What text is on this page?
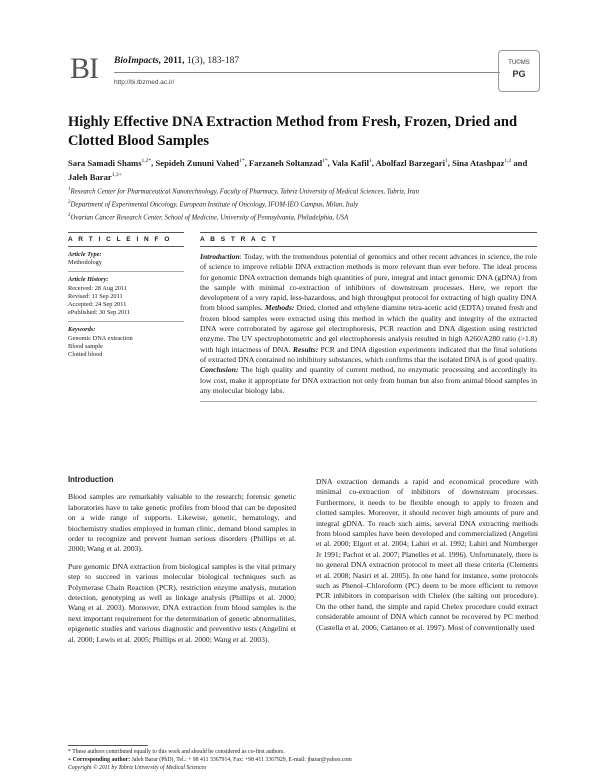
BI BioImpacts, 2011, 1(3), 183-187
http://bi.tbzmed.ac.ir/
TU©MS
PG
Highly Effective DNA Extraction Method from Fresh, Frozen, Dried and Clotted Blood Samples
Sara Samadi Shams$^{1,2*}$, Sepideh Zununi Vahed$^{1*}$, Farzaneh Soltanzad$^{1*}$, Vala Kafil$^1$, Abolfazl Barzegari$^1$, Sina Atashpaz$^{1,2}$ and Jaleh Barar$^{1,3+}$
$^1$Research Center for Pharmaceutical Nanotechnology, Faculty of Pharmacy, Tabriz University of Medical Sciences, Tabriz, Iran
$^2$Department of Experimental Oncology, European Institute of Oncology, IFOM-IEO Campus, Milan, Italy
$^3$Ovarian Cancer Research Center, School of Medicine, University of Pennsylvania, Philadelphia, USA
A R T I C L E I N F O
Article Type:
Methodology
Article History:
Received: 28 Aug 2011
Revised: 11 Sep 2011
Accepted: 24 Sep 2011
ePublished: 30 Sep 2011
Keywords:
Genomic DNA extraction
Blood sample
Clotted blood
A B S T R A C T
Introduction: Today, with the tremendous potential of genomics and other recent advances in science, the role of science to improve reliable DNA extraction methods is more relevant than ever before. The ideal process for genomic DNA extraction demands high quantities of pure, integral and intact genomic DNA (gDNA) from the sample with minimal co-extraction of inhibitors of downstream processes. Here, we report the development of a very rapid, less-hazardous, and high throughput protocol for extracting of high quality DNA from blood samples. Methods: Dried, clotted and ethylene diamine tetra-acetic acid (EDTA) treated fresh and frozen blood samples were extracted using this method in which the quality and integrity of the extracted DNA were corroborated by agarose gel electrophoresis, PCR reaction and DNA digestion using restricted enzyme. The UV spectrophotometric and gel electrophoresis analysis resulted in high A260/A280 ratio (>1.8) with high intactness of DNA. Results: PCR and DNA digestion experiments indicated that the final solutions of extracted DNA contained no inhibitory substances, which confirms that the isolated DNA is of good quality. Conclusion: The high quality and quantity of current method, no enzymatic processing and accordingly its low cost, make it appropriate for DNA extraction not only from human but also from animal blood samples in any molecular biology labs.
Introduction

Blood samples are remarkably valuable to the research; forensic genetic laboratories have to take genetic profiles from blood that can be deposited on a wide range of supports. Likewise, genetic, hematology, and biochemistry studies employed in human clinic, demand blood samples in order to recognize and prevent human serious disorders (Phillips et al. 2000; Wang et al. 2003).

Pure genomic DNA extraction from biological samples is the vital primary step to succeed in various molecular biological techniques such as Polymerase Chain Reaction (PCR), restriction enzyme analysis, mutation detection, genotyping as well as linkage analysis (Phillips et al. 2000; Wang et al. 2003). Moreover, DNA extraction from blood samples is the next important requirement for the determination of genetic abnormalities, epigenetic studies and various diagnostic and preventive tests (Angelini et al. 2000; Lewis et al. 2005; Phillips et al. 2000; Wang et al. 2003).

DNA extraction demands a rapid and economical procedure with minimal co-extraction of inhibitors of downstream processes. Furthermore, it needs to be flexible enough to apply to frozen and clotted samples. Moreover, it should recover high amounts of pure and integral gDNA. To reach such aims, several DNA extracting methods from blood samples have been developed and commercialized (Angelini et al. 2000; Elgort et al. 2004; Lahiri et al. 1992; Lahiri and Nurnberger Jr 1991; Pachot et al. 2007; Planelles et al. 1996). Unfortunately, there is no general DNA extraction protocol to meet all these criteria (Clements et al. 2008; Nasiri et al. 2005). In one hand for instance, some protocols such as Phenol–Chloroform (PC) deem to be more efficient to remove PCR inhibitors in comparison with Chelex (the salting out procedure). On the other hand, the simple and rapid Chelex procedure could extract considerable amount of DNA which cannot be recovered by PC method (Castella et al. 2006; Cattaneo et al. 1997). Most of conventionally used
* These authors contributed equally to this work and should be considered as co-first authors.
+ Corresponding author: Jaleh Barar (PhD), Tel.: + 98 411 3367914, Fax: +98 411 3367929, E-mail: jbarar@yahoo.com
Copyright © 2011 by Tabriz University of Medical Sciences
